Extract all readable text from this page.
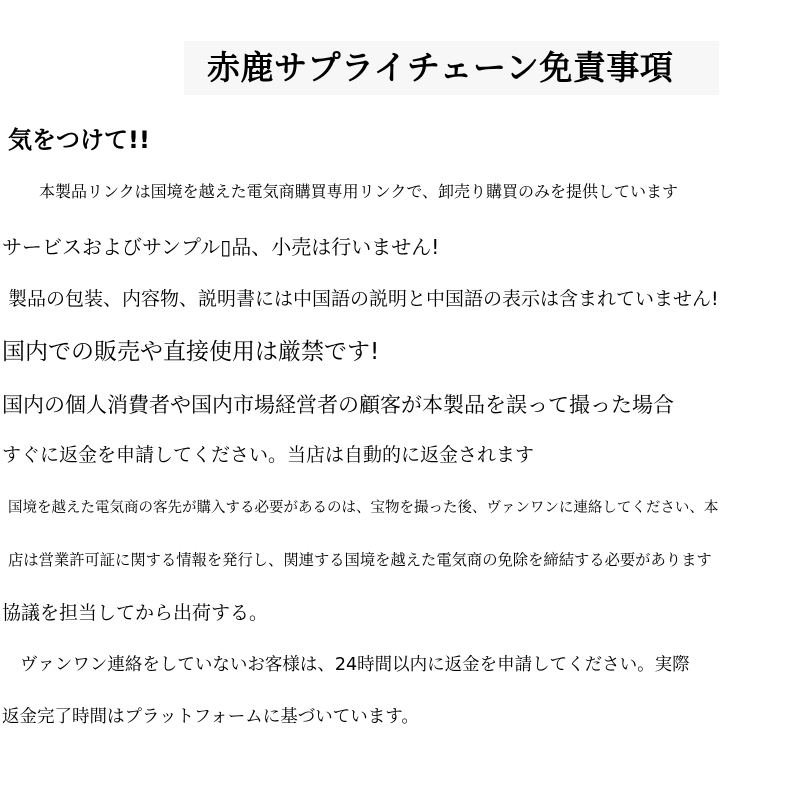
赤鹿サプライチェーン免責事項
気をつけて!!

本製品リンクは国境を越えた電気商購買専用リンクで、卸売り購買のみを提供しています

サービスおよびサンプル▯品、小売は行いません!

製品の包装、内容物、説明書には中国語の説明と中国語の表示は含まれていません!

国内での販売や直接使用は厳禁です!

国内の個人消費者や国内市場経営者の顧客が本製品を誤って撮った場合

すぐに返金を申請してください。当店は自動的に返金されます

国境を越えた電気商の客先が購入する必要があるのは、宝物を撮った後、ヴァンワンに連絡してください、本

店は営業許可証に関する情報を発行し、関連する国境を越えた電気商の免除を締結する必要があります

協議を担当してから出荷する。

ヴァンワン連絡をしていないお客様は、24時間以内に返金を申請してください。実際

返金完了時間はプラットフォームに基づいています。
